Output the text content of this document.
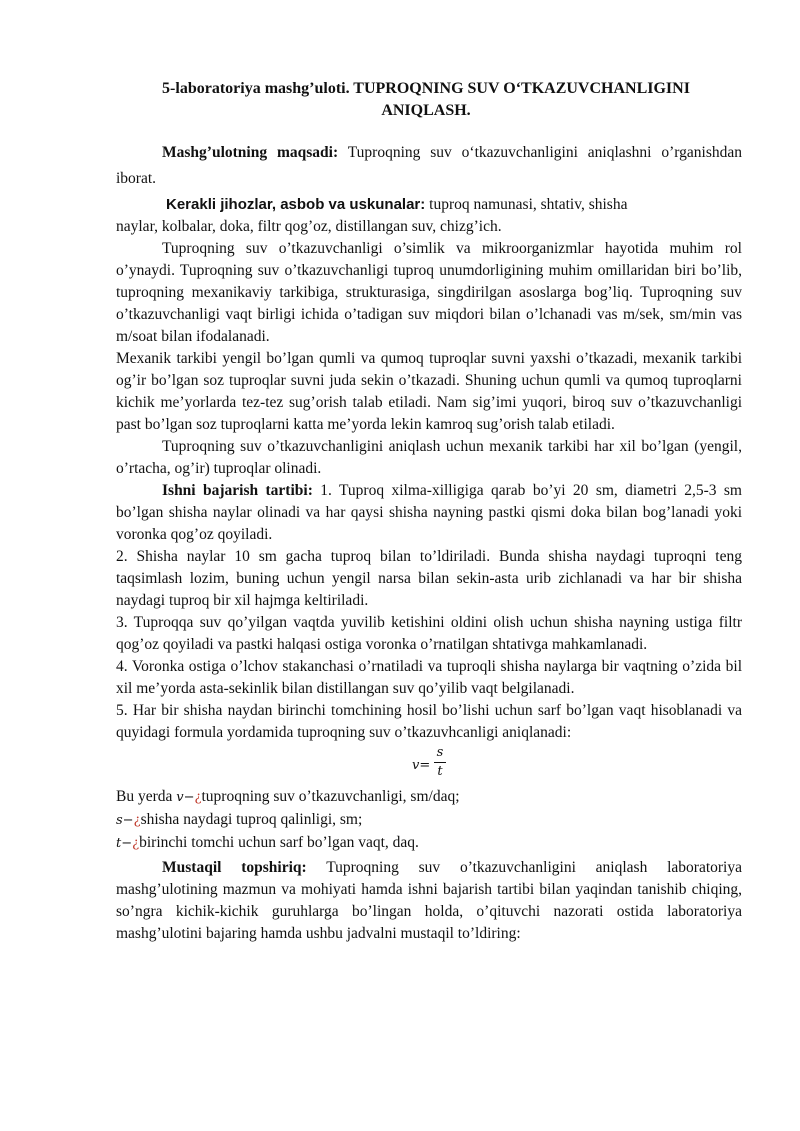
5-laboratoriya mashg’uloti. TUPROQNING SUV O‘TKAZUVCHANLIGINI
ANIQLASH.

Mashg’ulotning maqsadi: Tuproqning suv o‘tkazuvchanligini aniqlashni o’rganishdan iborat.

Kerakli jihozlar, asbob va uskunalar: tuproq namunasi, shtativ, shisha

naylar, kolbalar, doka, filtr qog’oz, distillangan suv, chizg’ich.

Tuproqning suv o’tkazuvchanligi o’simlik va mikroorganizmlar hayotida muhim rol o’ynaydi. Tuproqning suv o’tkazuvchanligi tuproq unumdorligining muhim omillaridan biri bo’lib, tuproqning mexanikaviy tarkibiga, strukturasiga, singdirilgan asoslarga bog’liq. Tuproqning suv o’tkazuvchanligi vaqt birligi ichida o’tadigan suv miqdori bilan o’lchanadi vas m/sek, sm/min vas m/soat bilan ifodalanadi.

Mexanik tarkibi yengil bo’lgan qumli va qumoq tuproqlar suvni yaxshi o’tkazadi, mexanik tarkibi og’ir bo’lgan soz tuproqlar suvni juda sekin o’tkazadi. Shuning uchun qumli va qumoq tuproqlarni kichik me’yorlarda tez-tez sug’orish talab etiladi. Nam sig’imi yuqori, biroq suv o’tkazuvchanligi past bo’lgan soz tuproqlarni katta me’yorda lekin kamroq sug’orish talab etiladi.

Tuproqning suv o’tkazuvchanligini aniqlash uchun mexanik tarkibi har xil bo’lgan (yengil, o’rtacha, og’ir) tuproqlar olinadi.

Ishni bajarish tartibi: 1. Tuproq xilma-xilligiga qarab bo’yi 20 sm, diametri 2,5-3 sm bo’lgan shisha naylar olinadi va har qaysi shisha nayning pastki qismi doka bilan bog’lanadi yoki voronka qog’oz qoyiladi.

2. Shisha naylar 10 sm gacha tuproq bilan to’ldiriladi. Bunda shisha naydagi tuproqni teng taqsimlash lozim, buning uchun yengil narsa bilan sekin-asta urib zichlanadi va har bir shisha naydagi tuproq bir xil hajmga keltiriladi.

3. Tuproqqa suv qo’yilgan vaqtda yuvilib ketishini oldini olish uchun shisha nayning ustiga filtr qog’oz qoyiladi va pastki halqasi ostiga voronka o’rnatilgan shtativga mahkamlanadi.

4. Voronka ostiga o’lchov stakanchasi o’rnatiladi va tuproqli shisha naylarga bir vaqtning o’zida bil xil me’yorda asta-sekinlik bilan distillangan suv qo’yilib vaqt belgilanadi.

5. Har bir shisha naydan birinchi tomchining hosil bo’lishi uchun sarf bo’lgan vaqt hisoblanadi va quyidagi formula yordamida tuproqning suv o’tkazuvhcanligi aniqlanadi:

$v= \frac{s}{t}$

Bu yerda v−¿tuproqning suv o’tkazuvchanligi, sm/daq;

s−¿shisha naydagi tuproq qalinligi, sm;

t−¿birinchi tomchi uchun sarf bo’lgan vaqt, daq.

Mustaqil topshiriq: Tuproqning suv o’tkazuvchanligini aniqlash laboratoriya mashg’ulotining mazmun va mohiyati hamda ishni bajarish tartibi bilan yaqindan tanishib chiqing, so’ngra kichik-kichik guruhlarga bo’lingan holda, o’qituvchi nazorati ostida laboratoriya mashg’ulotini bajaring hamda ushbu jadvalni mustaqil to’ldiring:
